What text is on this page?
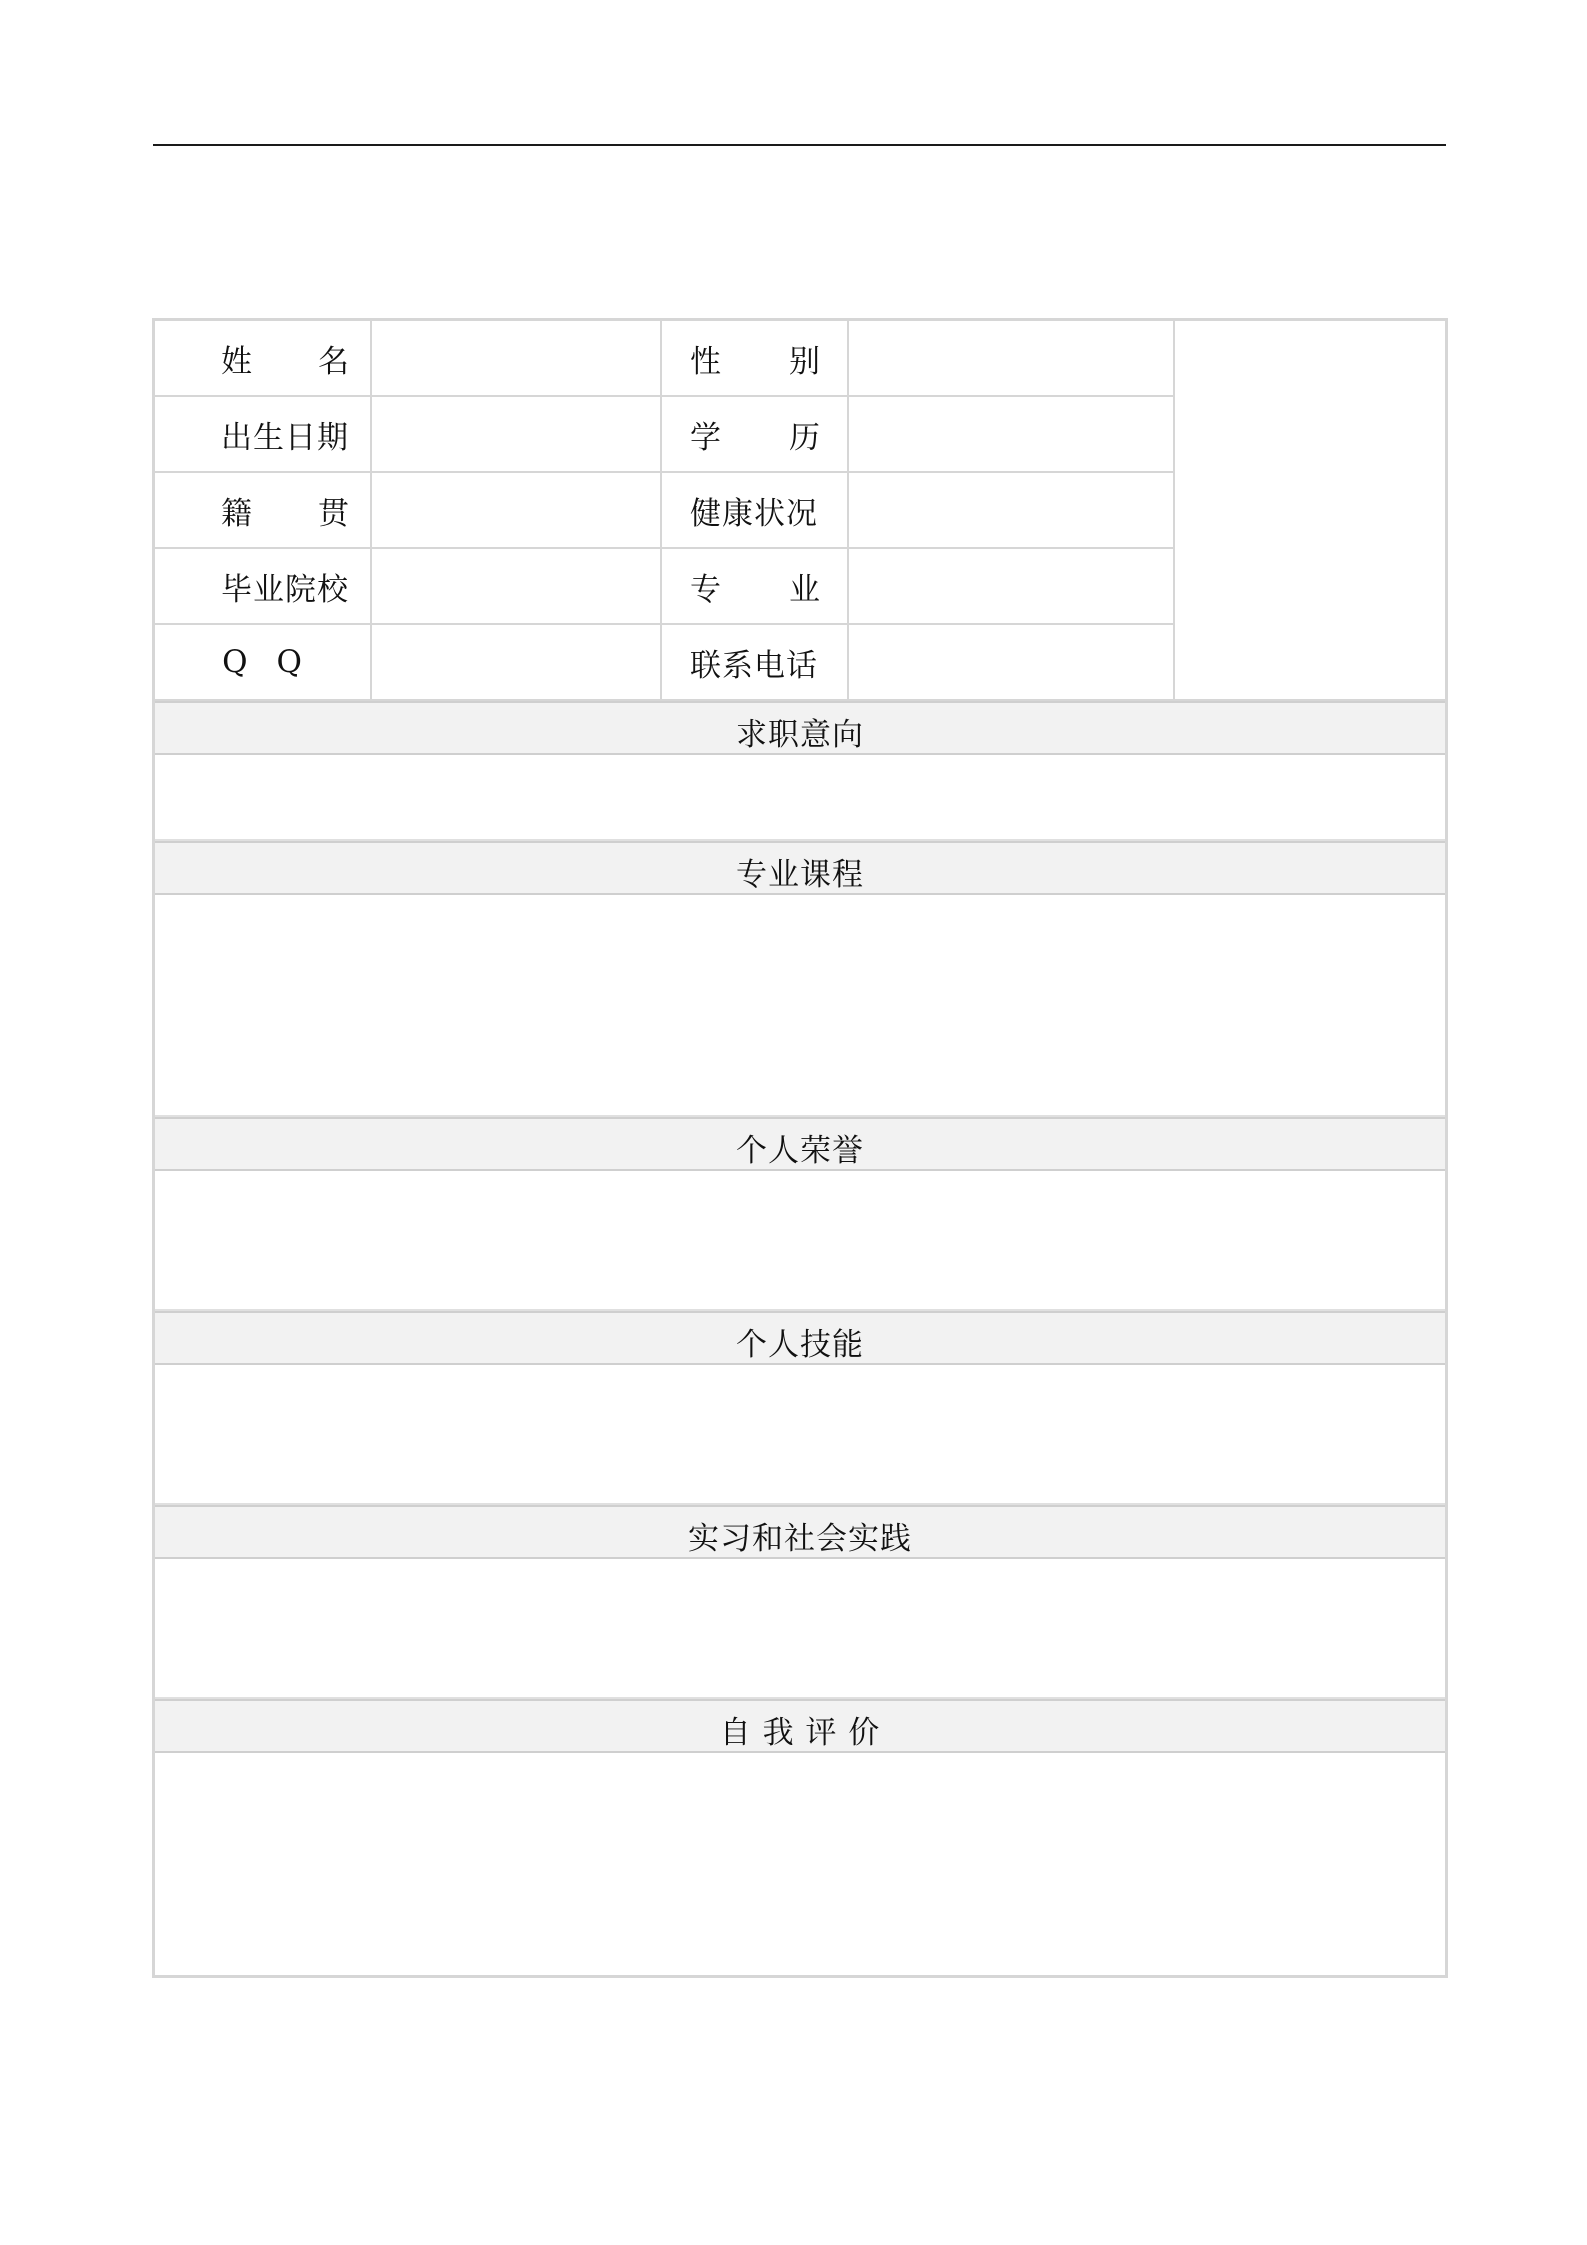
姓 名	性 别
出生日期	学 历
籍 贯	健康状况
毕业院校	专 业
Q Q	联系电话
求职意向
专业课程
个人荣誉
个人技能
实习和社会实践
自 我 评 价
